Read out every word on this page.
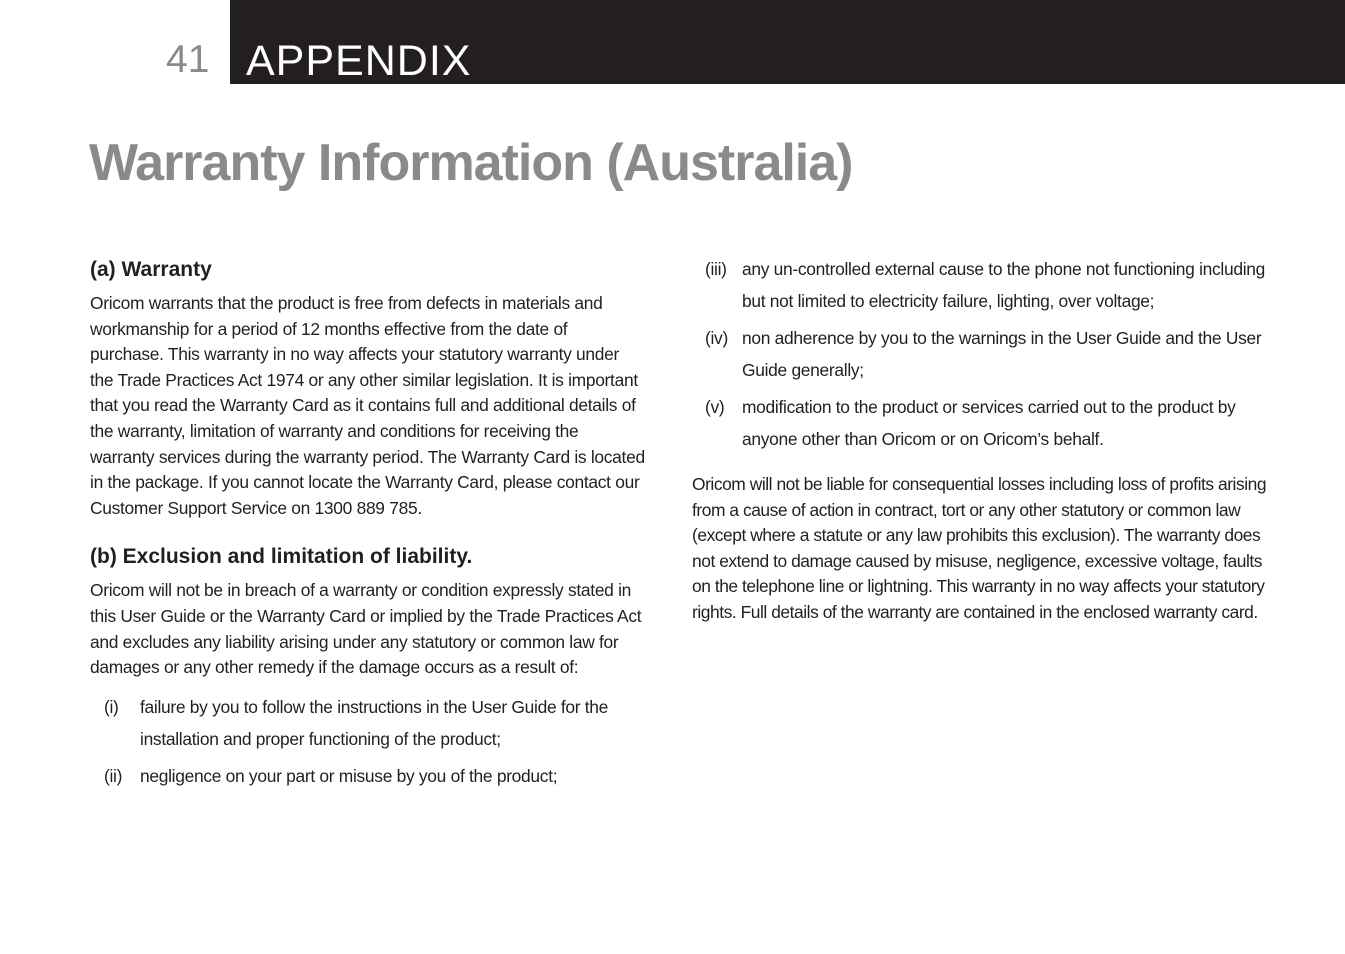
41 APPENDIX
Warranty Information (Australia)
(a) Warranty

Oricom warrants that the product is free from defects in materials and workmanship for a period of 12 months effective from the date of purchase. This warranty in no way affects your statutory warranty under the Trade Practices Act 1974 or any other similar legislation. It is important that you read the Warranty Card as it contains full and additional details of the warranty, limitation of warranty and conditions for receiving the warranty services during the warranty period. The Warranty Card is located in the package. If you cannot locate the Warranty Card, please contact our Customer Support Service on 1300 889 785.

(b) Exclusion and limitation of liability.

Oricom will not be in breach of a warranty or condition expressly stated in this User Guide or the Warranty Card or implied by the Trade Practices Act and excludes any liability arising under any statutory or common law for damages or any other remedy if the damage occurs as a result of:

(i)	failure by you to follow the instructions in the User Guide for the installation and proper functioning of the product;
(ii)	negligence on your part or misuse by you of the product;
(iii) any un-controlled external cause to the phone not functioning including but not limited to electricity failure, lighting, over voltage;
(iv) non adherence by you to the warnings in the User Guide and the User Guide generally;
(v)	modification to the product or services carried out to the product by anyone other than Oricom or on Oricom’s behalf.

Oricom will not be liable for consequential losses including loss of profits arising from a cause of action in contract, tort or any other statutory or common law (except where a statute or any law prohibits this exclusion). The warranty does not extend to damage caused by misuse, negligence, excessive voltage, faults on the telephone line or lightning. This warranty in no way affects your statutory rights. Full details of the warranty are contained in the enclosed warranty card.
